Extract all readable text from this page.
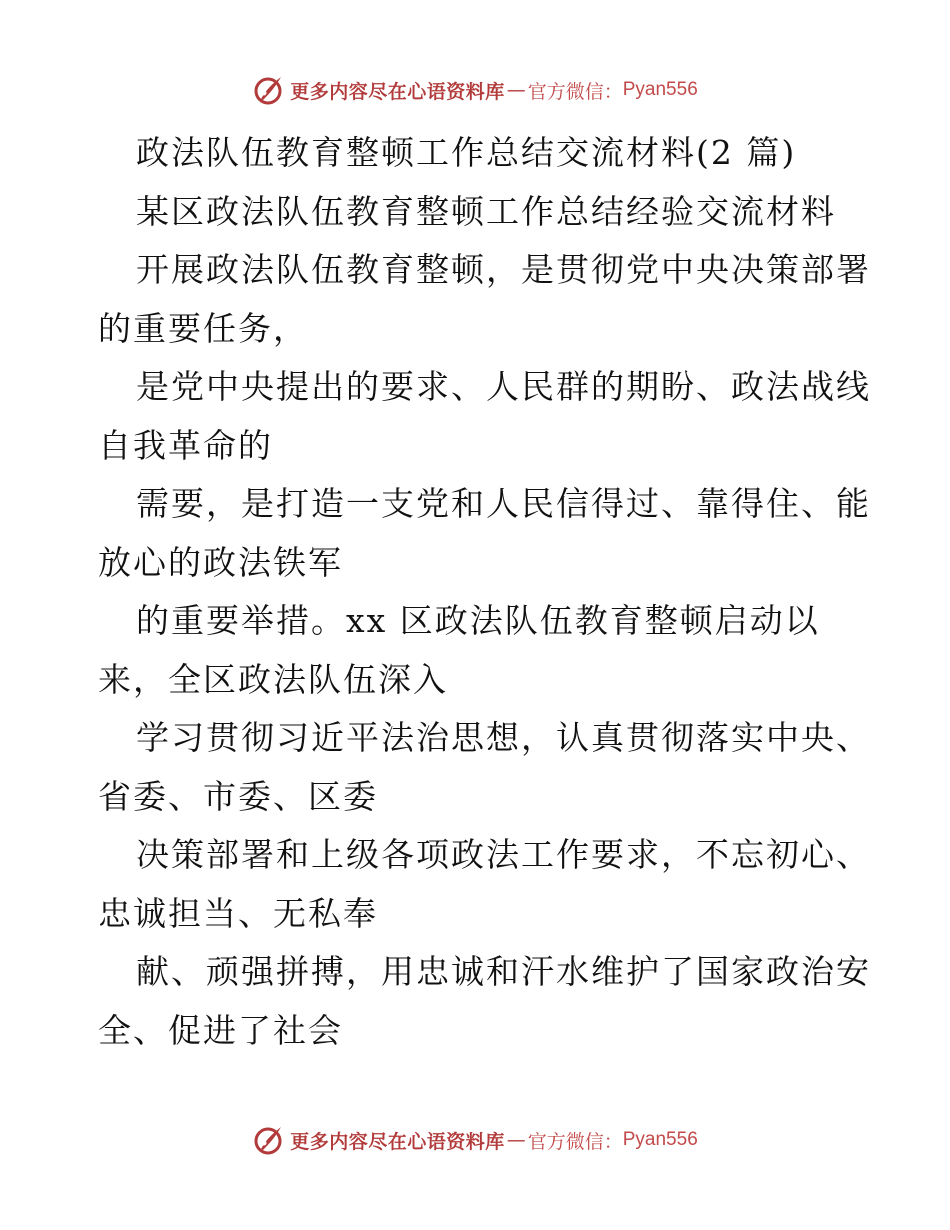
更多内容尽在心语资料库 — 官方微信： Pyan556
政法队伍教育整顿工作总结交流材料(2 篇)
某区政法队伍教育整顿工作总结经验交流材料
开展政法队伍教育整顿，是贯彻党中央决策部署
的重要任务，
是党中央提出的要求、人民群的期盼、政法战线
自我革命的
需要，是打造一支党和人民信得过、靠得住、能
放心的政法铁军
的重要举措。xx 区政法队伍教育整顿启动以
来，全区政法队伍深入
学习贯彻习近平法治思想，认真贯彻落实中央、
省委、市委、区委
决策部署和上级各项政法工作要求，不忘初心、
忠诚担当、无私奉
献、顽强拼搏，用忠诚和汗水维护了国家政治安
全、促进了社会
更多内容尽在心语资料库 — 官方微信： Pyan556
